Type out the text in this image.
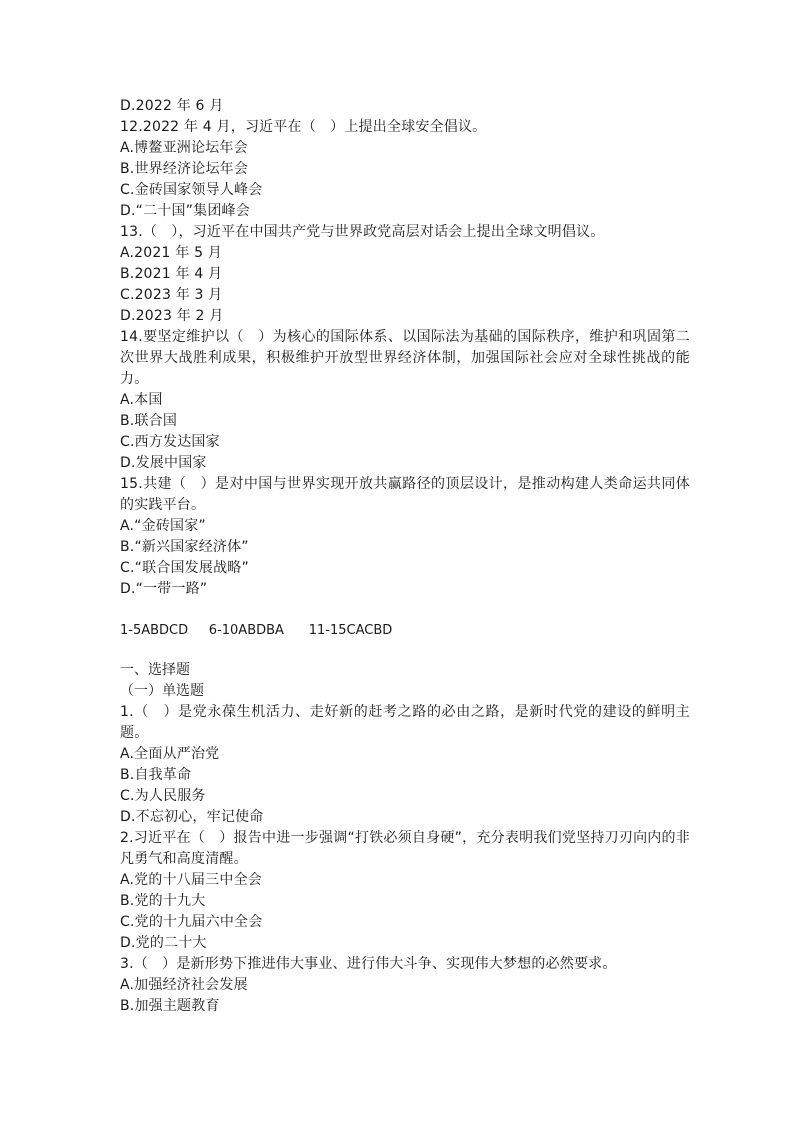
D.2022 年 6 月
12.2022 年 4 月，习近平在（　）上提出全球安全倡议。
A.博鳌亚洲论坛年会
B.世界经济论坛年会
C.金砖国家领导人峰会
D.“二十国”集团峰会
13.（　），习近平在中国共产党与世界政党高层对话会上提出全球文明倡议。
A.2021 年 5 月
B.2021 年 4 月
C.2023 年 3 月
D.2023 年 2 月
14.要坚定维护以（　）为核心的国际体系、以国际法为基础的国际秩序，维护和巩固第二次世界大战胜利成果，积极维护开放型世界经济体制，加强国际社会应对全球性挑战的能力。
A.本国
B.联合国
C.西方发达国家
D.发展中国家
15.共建（　）是对中国与世界实现开放共赢路径的顶层设计，是推动构建人类命运共同体的实践平台。
A.“金砖国家”
B.“新兴国家经济体”
C.“联合国发展战略”
D.“一带一路”
1-5ABDCD     6-10ABDBA      11-15CACBD
一、选择题
（一）单选题
1.（　）是党永葆生机活力、走好新的赶考之路的必由之路，是新时代党的建设的鲜明主题。
A.全面从严治党
B.自我革命
C.为人民服务
D.不忘初心，牢记使命
2.习近平在（　）报告中进一步强调“打铁必须自身硬”，充分表明我们党坚持刀刃向内的非凡勇气和高度清醒。
A.党的十八届三中全会
B.党的十九大
C.党的十九届六中全会
D.党的二十大
3.（　）是新形势下推进伟大事业、进行伟大斗争、实现伟大梦想的必然要求。
A.加强经济社会发展
B.加强主题教育
